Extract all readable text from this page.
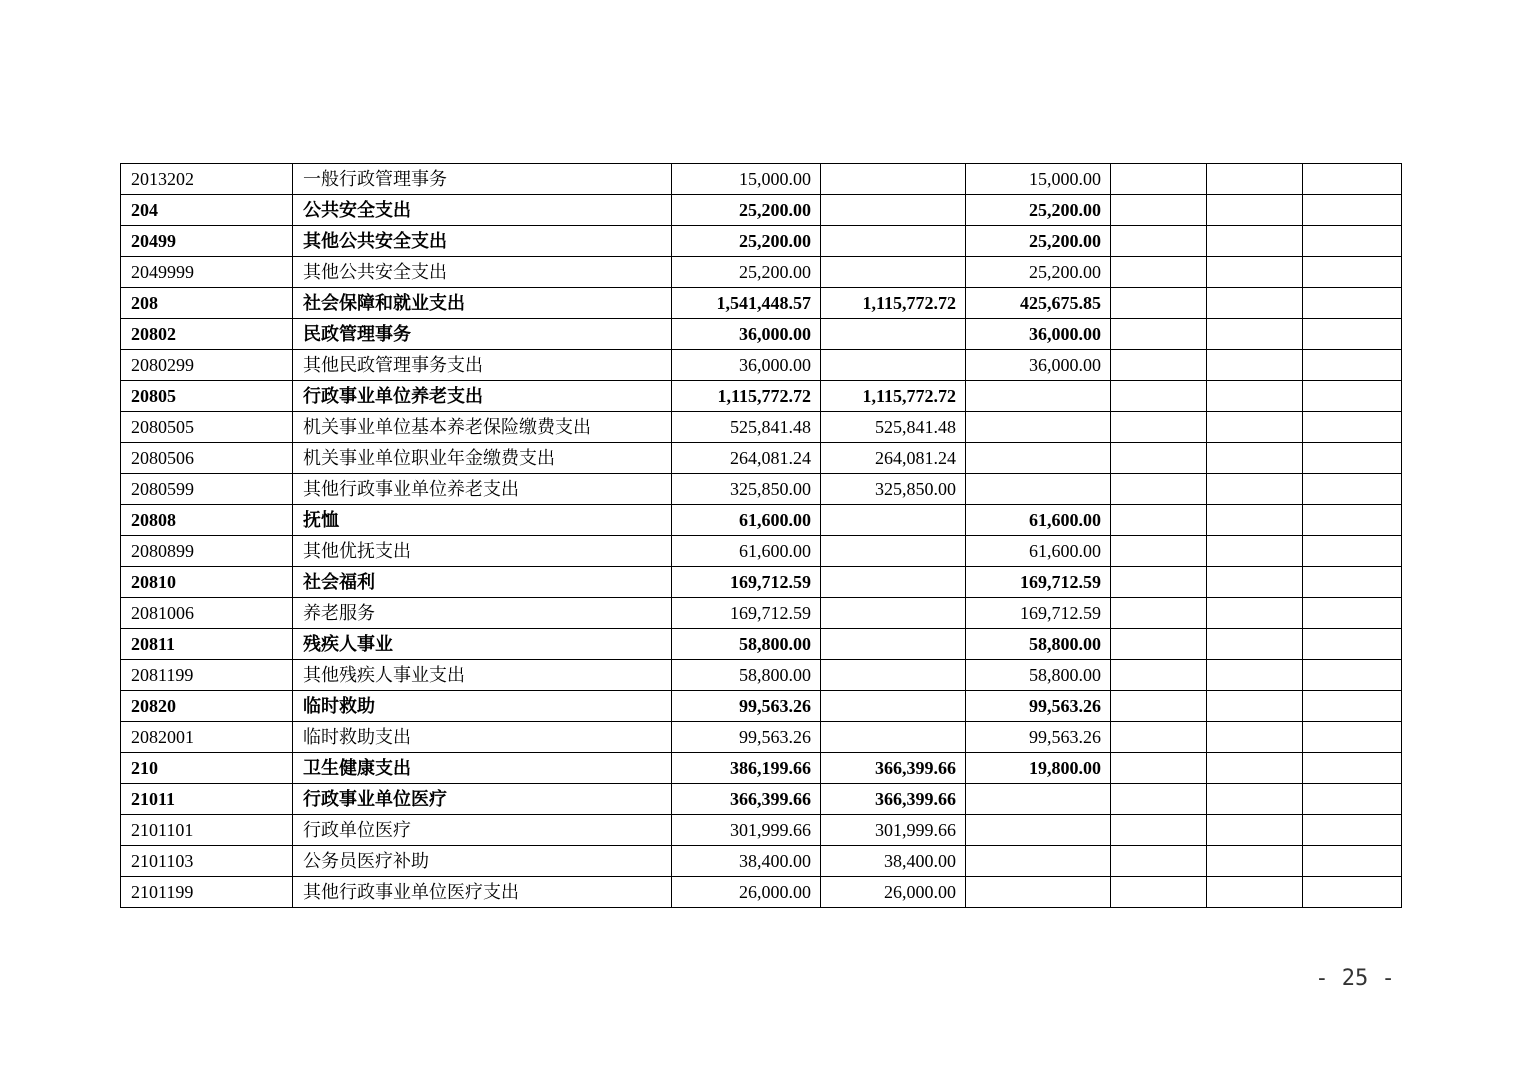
2013202	一般行政管理事务	15,000.00		15,000.00			
204	公共安全支出	25,200.00		25,200.00			
20499	其他公共安全支出	25,200.00		25,200.00			
2049999	其他公共安全支出	25,200.00		25,200.00			
208	社会保障和就业支出	1,541,448.57	1,115,772.72	425,675.85			
20802	民政管理事务	36,000.00		36,000.00			
2080299	其他民政管理事务支出	36,000.00		36,000.00			
20805	行政事业单位养老支出	1,115,772.72	1,115,772.72				
2080505	机关事业单位基本养老保险缴费支出	525,841.48	525,841.48				
2080506	机关事业单位职业年金缴费支出	264,081.24	264,081.24				
2080599	其他行政事业单位养老支出	325,850.00	325,850.00				
20808	抚恤	61,600.00		61,600.00			
2080899	其他优抚支出	61,600.00		61,600.00			
20810	社会福利	169,712.59		169,712.59			
2081006	养老服务	169,712.59		169,712.59			
20811	残疾人事业	58,800.00		58,800.00			
2081199	其他残疾人事业支出	58,800.00		58,800.00			
20820	临时救助	99,563.26		99,563.26			
2082001	临时救助支出	99,563.26		99,563.26			
210	卫生健康支出	386,199.66	366,399.66	19,800.00			
21011	行政事业单位医疗	366,399.66	366,399.66				
2101101	行政单位医疗	301,999.66	301,999.66				
2101103	公务员医疗补助	38,400.00	38,400.00				
2101199	其他行政事业单位医疗支出	26,000.00	26,000.00				
- 25 -
